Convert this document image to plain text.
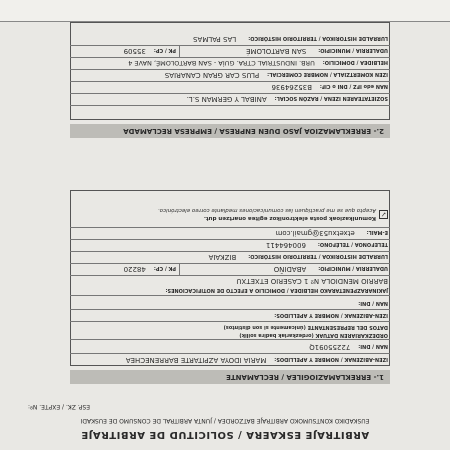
ARBITRAJE ESKAERA / SOLICITUD DE ARBITRAJE
EUSKADIKO KONTSUMOKO ARBITRAJE BATZORDEA / JUNTA ARBITRAL DE CONSUMO DE EUSKADI
ESP. ZK. / EXPTE. Nº:
1.- ERREKLAMAZIOGILEA / RECLAMANTE
IZEN-ABIZENAK / NOMBRE Y APELLIDOS: MARIA IDOYA AZPITARTE BARRENECHEA
NAN / DNI: 72255091Q
ORDEZKARIAREN DATUAK (ordezkariak badira soilik)
DATOS DEL REPRESENTANTE (únicamente si son distintos)
IZEN-ABIZENAK / NOMBRE Y APELLIDOS:
NAN / DNI:
JAKINARAZPENETARAKO HELBIDEA / DOMICILIO A EFECTO DE NOTIFICACIONES:
BARRIO MENDIOLA Nº 1 CASERIO ETXETXU
UDALERRIA / MUNICIPIO: ABADIÑO
PK / CP: 48220
LURRALDE HISTORIKOA / TERRITORIO HISTÓRICO: BIZKAIA
TELEFONOA / TELÉFONO: 600464411
E-MAIL: etxetxu53@gmail.com
✓
Komunikazioak posta elektronikoz egitea onartzen dut.
Acepto que se me practiquen las comunicaciones mediante correo electrónico.
2.- ERREKLAMAZIOA JASO DUEN ENPRESA / EMPRESA RECLAMADA
SOZIETATEAREN IZENA / RAZÓN SOCIAL: ANIBAL Y GERMAN S.L.
NAN edo IFZ / DNI o CIF: B35264936
IZEN KOMERTZIALA / NOMBRE COMERCIAL: PLUS CAR GRAN CANARIAS
HELBIDEA / DOMICILIO: URB. INDUSTRIAL CTRA. GUÍA - SAN BARTOLOMÉ, NAVE 4
UDALERRIA / MUNICIPIO: SAN BARTOLOMÉ
PK / CP: 35509
LURRALDE HISTORIKOA / TERRITORIO HISTÓRICO: LAS PALMAS
